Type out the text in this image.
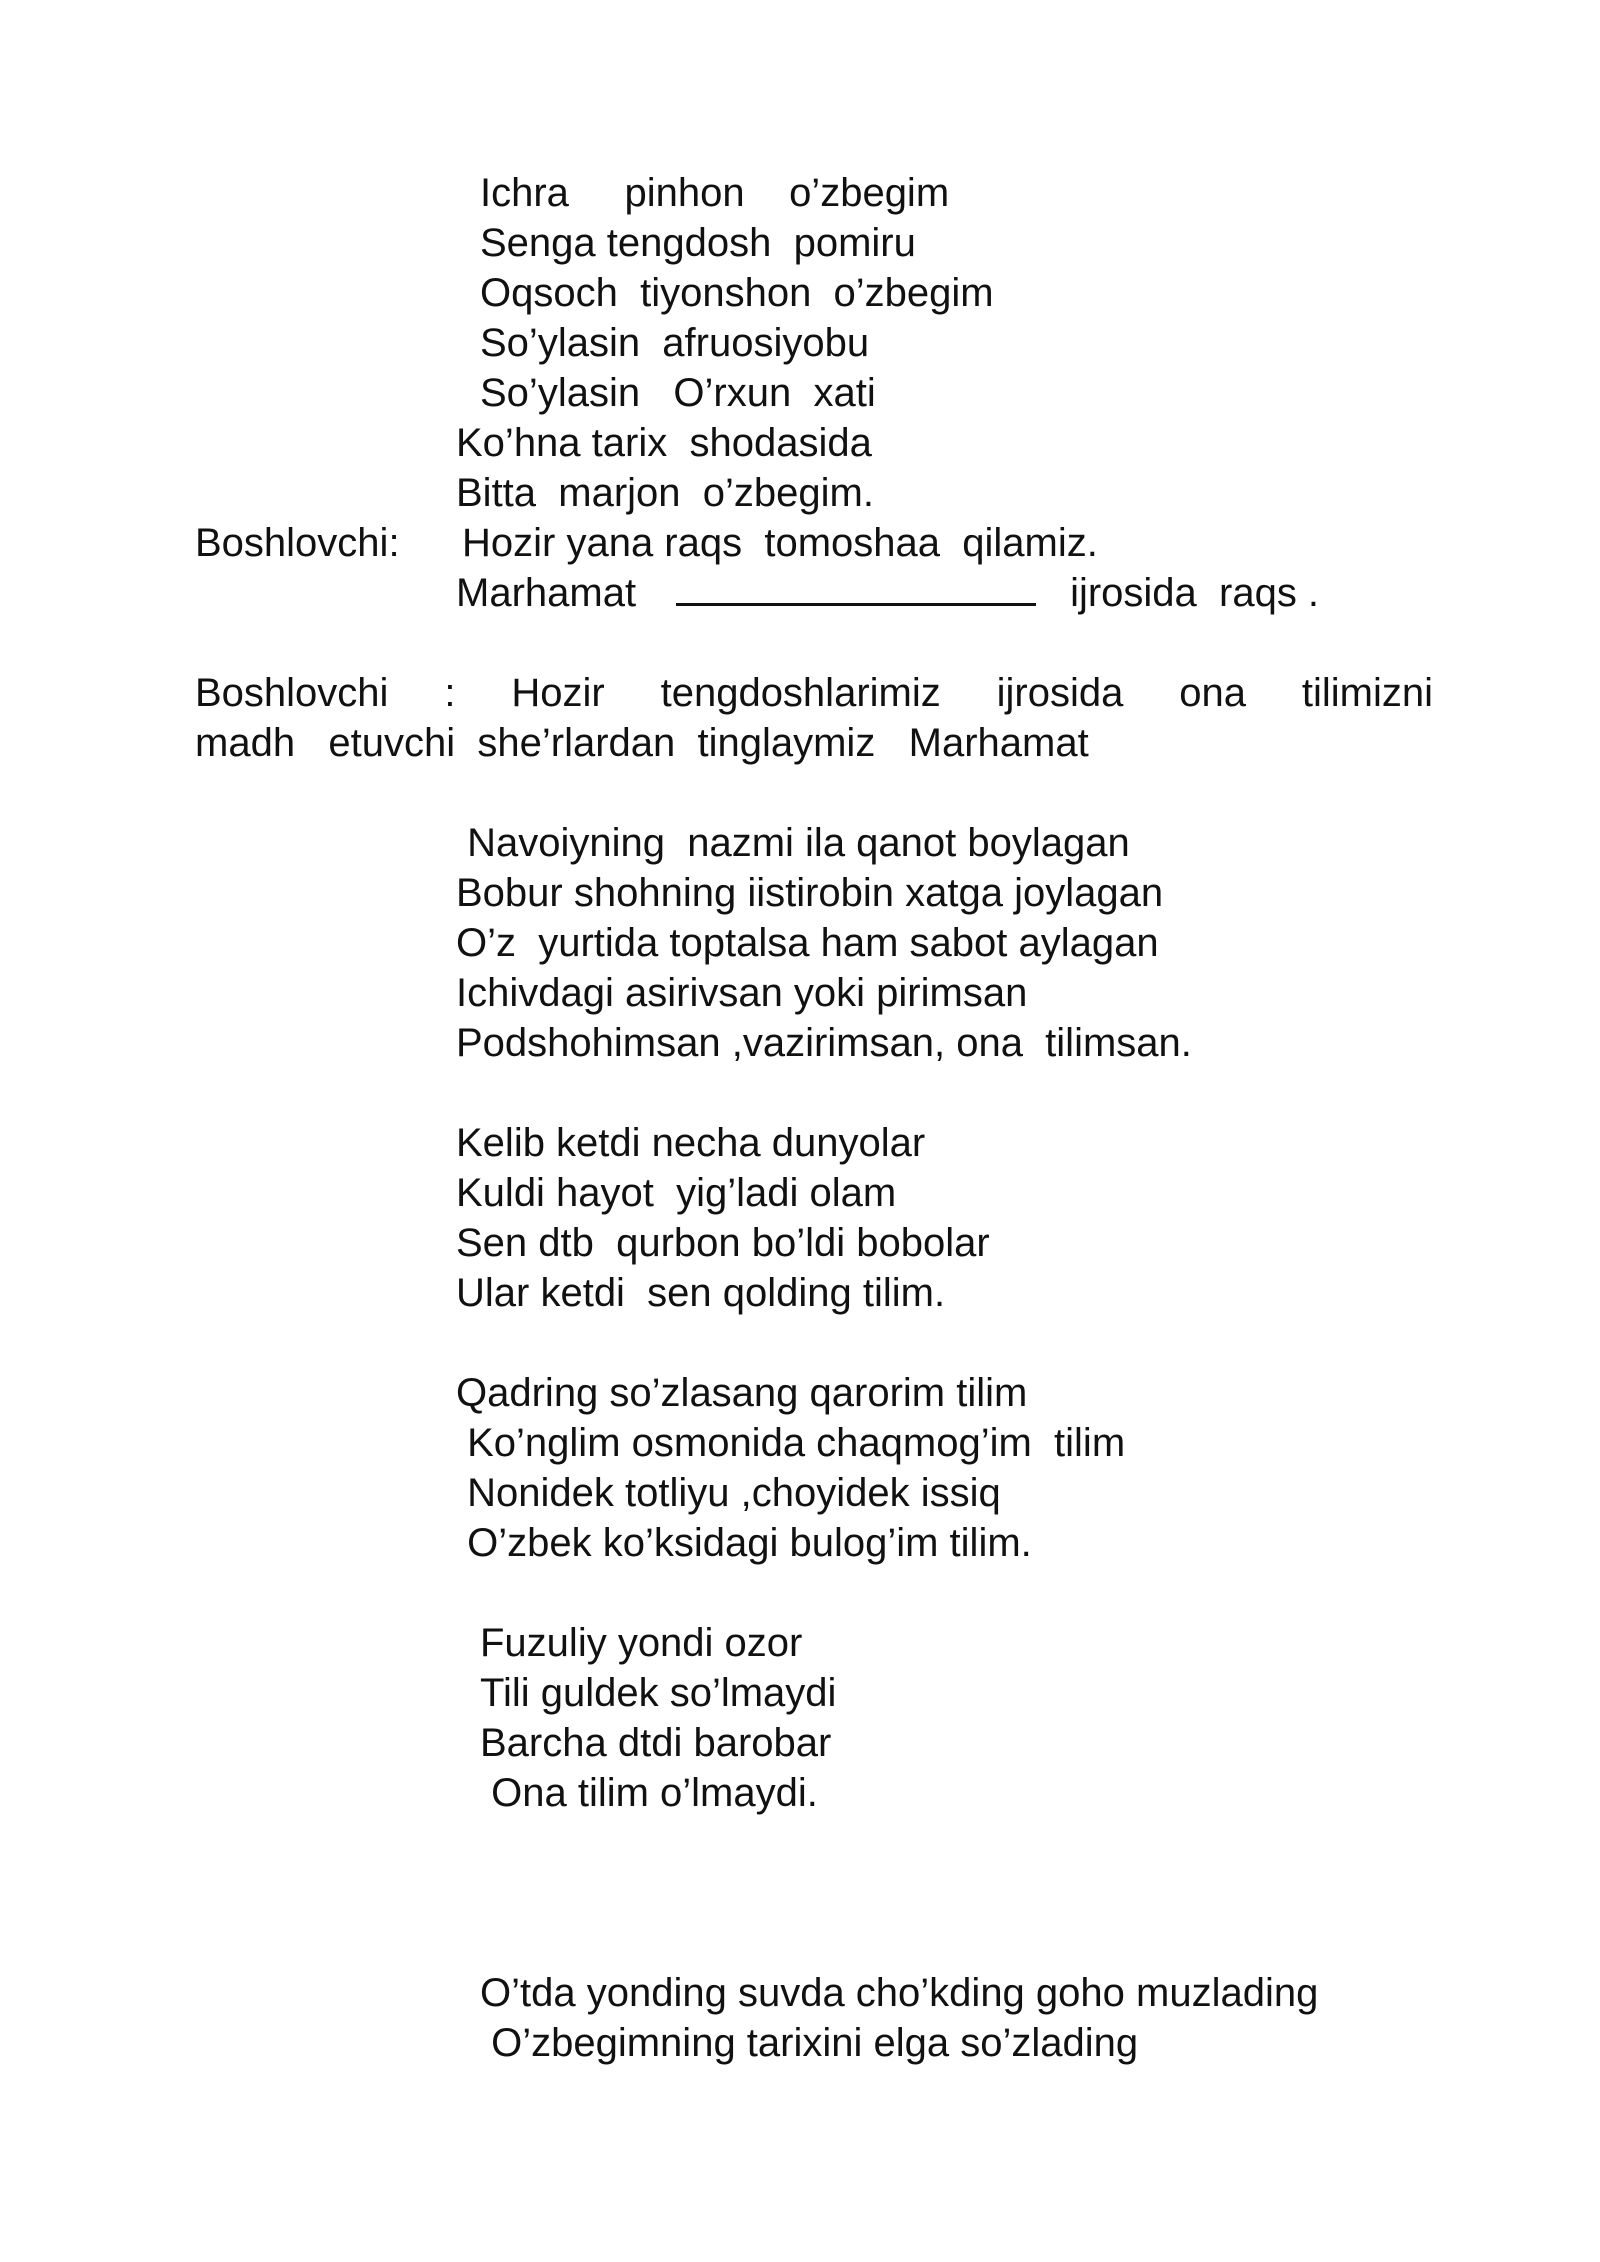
Ichra     pinhon    o’zbegim

Senga tengdosh  pomiru

Oqsoch  tiyonshon  o’zbegim

So’ylasin  afruosiyobu

So’ylasin   O’rxun  xati

Ko’hna tarix  shodasida

Bitta  marjon  o’zbegim.

Boshlovchi: Hozir yana raqs  tomoshaa  qilamiz.

Marhamat	ijrosida  raqs .

Boshlovchi : Hozir tengdoshlarimiz ijrosida ona tilimizni

madh   etuvchi  she’rlardan  tinglaymiz   Marhamat

Navoiyning  nazmi ila qanot boylagan

Bobur shohning iistirobin xatga joylagan

O’z  yurtida toptalsa ham sabot aylagan

Ichivdagi asirivsan yoki pirimsan

Podshohimsan ,vazirimsan, ona  tilimsan.

Kelib ketdi necha dunyolar

Kuldi hayot  yig’ladi olam

Sen dtb  qurbon bo’ldi bobolar

Ular ketdi  sen qolding tilim.

Qadring so’zlasang qarorim tilim

Ko’nglim osmonida chaqmog’im  tilim

Nonidek totliyu ,choyidek issiq

O’zbek ko’ksidagi bulog’im tilim.

Fuzuliy yondi ozor

Tili guldek so’lmaydi

Barcha dtdi barobar

Ona tilim o’lmaydi.

O’tda yonding suvda cho’kding goho muzlading

O’zbegimning tarixini elga so’zlading
